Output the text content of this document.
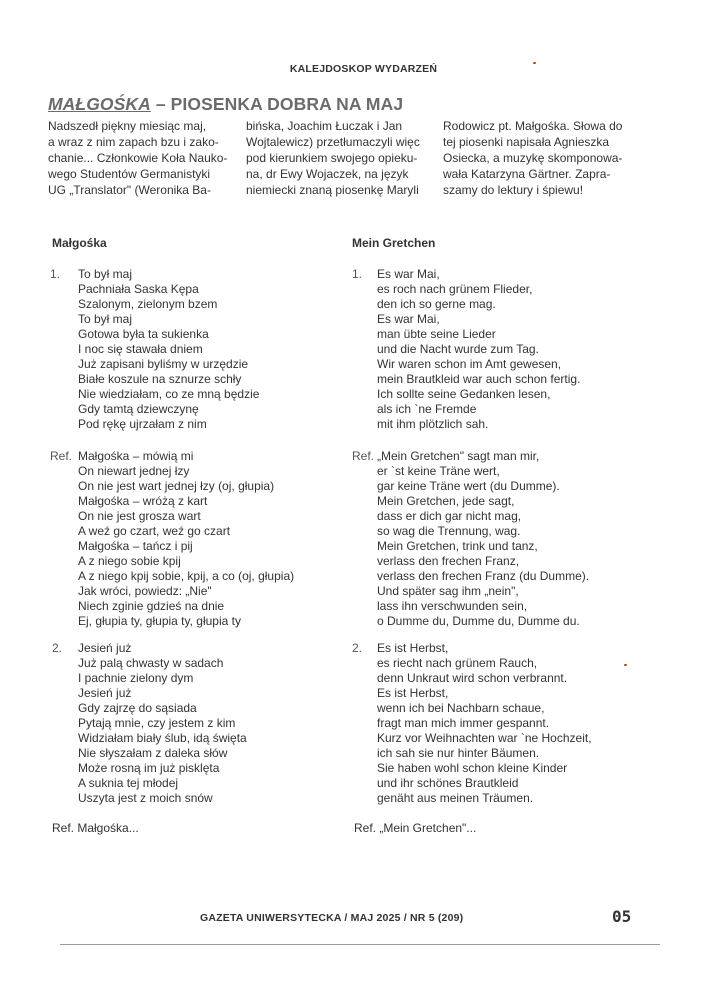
KALEJDOSKOP WYDARZEŃ
MAŁGOŚKA – PIOSENKA DOBRA NA MAJ
Nadszedł piękny miesiąc maj,
a wraz z nim zapach bzu i zako-
chanie... Członkowie Koła Nauko-
wego Studentów Germanistyki
UG „Translator" (Weronika Ba-
bińska, Joachim Łuczak i Jan
Wojtalewicz) przetłumaczyli więc
pod kierunkiem swojego opieku-
na, dr Ewy Wojaczek, na język
niemiecki znaną piosenkę Maryli
Rodowicz pt. Małgośka. Słowa do
tej piosenki napisała Agnieszka
Osiecka, a muzykę skomponowa-
wała Katarzyna Gärtner. Zapra-
szamy do lektury i śpiewu!
Małgośka
1. To był maj
Pachniała Saska Kępa
Szalonym, zielonym bzem
To był maj
Gotowa była ta sukienka
I noc się stawała dniem
Już zapisani byliśmy w urzędzie
Białe koszule na sznurze schły
Nie wiedziałam, co ze mną będzie
Gdy tamtą dziewczynę
Pod rękę ujrzałam z nim
Ref. Małgośka – mówią mi
On niewart jednej łzy
On nie jest wart jednej łzy (oj, głupia)
Małgośka – wróżą z kart
On nie jest grosza wart
A weź go czart, weź go czart
Małgośka – tańcz i pij
A z niego sobie kpij
A z niego kpij sobie, kpij, a co (oj, głupia)
Jak wróci, powiedz: „Nie"
Niech zginie gdzieś na dnie
Ej, głupia ty, głupia ty, głupia ty
2. Jesień już
Już palą chwasty w sadach
I pachnie zielony dym
Jesień już
Gdy zajrzę do sąsiada
Pytają mnie, czy jestem z kim
Widziałam biały ślub, idą święta
Nie słyszałam z daleka słów
Może rosną im już pisklęta
A suknia tej młodej
Uszyta jest z moich snów
Ref. Małgośka...
Mein Gretchen
1. Es war Mai,
es roch nach grünem Flieder,
den ich so gerne mag.
Es war Mai,
man übte seine Lieder
und die Nacht wurde zum Tag.
Wir waren schon im Amt gewesen,
mein Brautkleid war auch schon fertig.
Ich sollte seine Gedanken lesen,
als ich `ne Fremde
mit ihm plötzlich sah.
Ref. „Mein Gretchen" sagt man mir,
er `st keine Träne wert,
gar keine Träne wert (du Dumme).
Mein Gretchen, jede sagt,
dass er dich gar nicht mag,
so wag die Trennung, wag.
Mein Gretchen, trink und tanz,
verlass den frechen Franz,
verlass den frechen Franz (du Dumme).
Und später sag ihm „nein",
lass ihn verschwunden sein,
o Dumme du, Dumme du, Dumme du.
2. Es ist Herbst,
es riecht nach grünem Rauch,
denn Unkraut wird schon verbrannt.
Es ist Herbst,
wenn ich bei Nachbarn schaue,
fragt man mich immer gespannt.
Kurz vor Weihnachten war `ne Hochzeit,
ich sah sie nur hinter Bäumen.
Sie haben wohl schon kleine Kinder
und ihr schönes Brautkleid
genäht aus meinen Träumen.
Ref. „Mein Gretchen"...
GAZETA UNIWERSYTECKA / MAJ 2025 / NR 5 (209)	05
